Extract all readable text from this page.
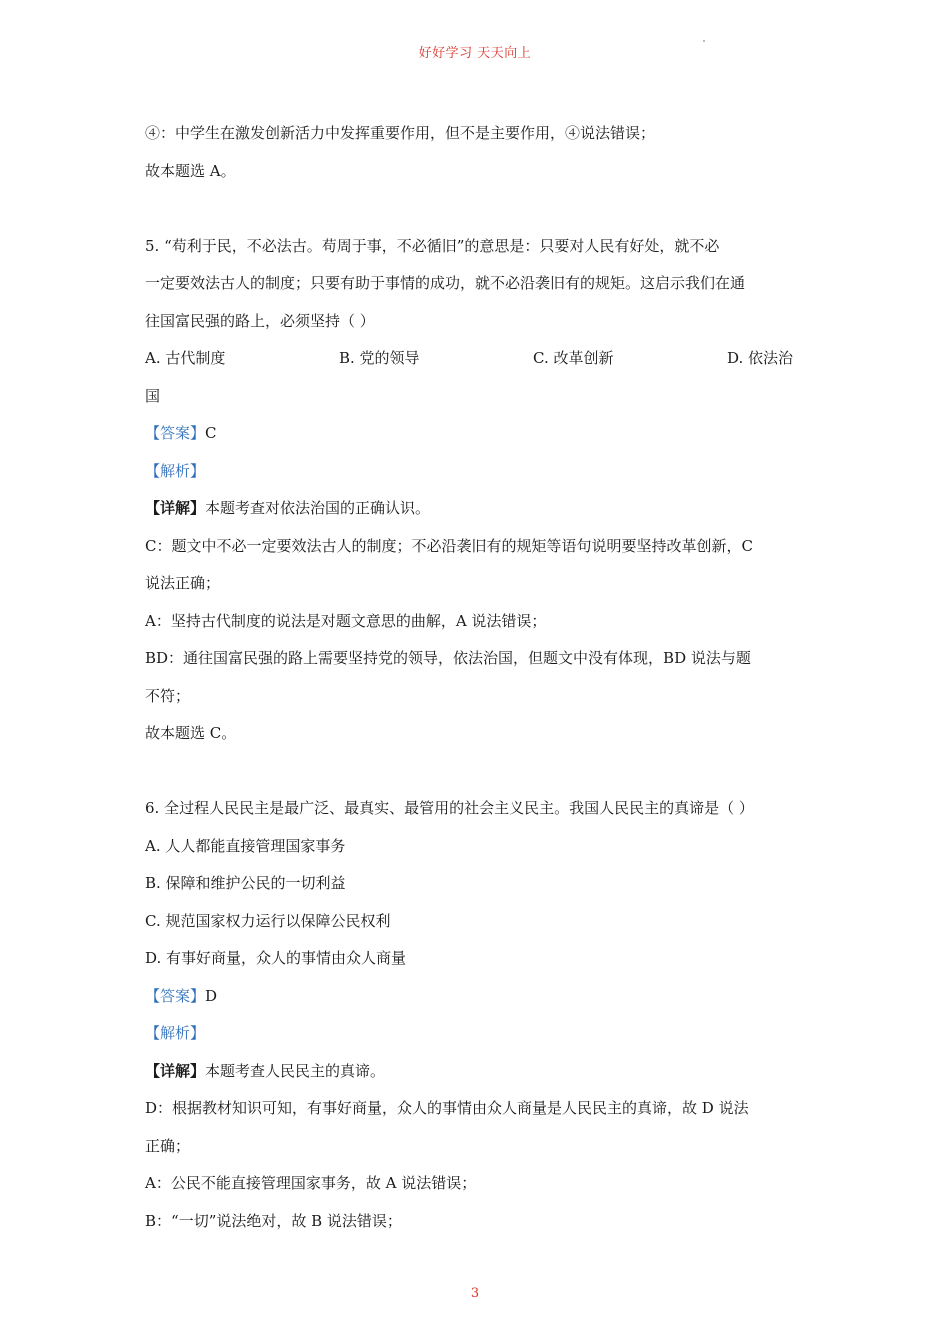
好好学习 天天向上
④：中学生在激发创新活力中发挥重要作用，但不是主要作用，④说法错误；
故本题选 A。
5. “苟利于民，不必法古。苟周于事，不必循旧”的意思是：只要对人民有好处，就不必
一定要效法古人的制度；只要有助于事情的成功，就不必沿袭旧有的规矩。这启示我们在通
往国富民强的路上，必须坚持（ ）
A. 古代制度	B. 党的领导	C. 改革创新	D. 依法治
国
【答案】C
【解析】
【详解】本题考查对依法治国的正确认识。
C：题文中不必一定要效法古人的制度；不必沿袭旧有的规矩等语句说明要坚持改革创新，C
说法正确；
A：坚持古代制度的说法是对题文意思的曲解，A 说法错误；
BD：通往国富民强的路上需要坚持党的领导，依法治国，但题文中没有体现，BD 说法与题
不符；
故本题选 C。
6. 全过程人民民主是最广泛、最真实、最管用的社会主义民主。我国人民民主的真谛是（ ）
A. 人人都能直接管理国家事务
B. 保障和维护公民的一切利益
C. 规范国家权力运行以保障公民权利
D. 有事好商量，众人的事情由众人商量
【答案】D
【解析】
【详解】本题考查人民民主的真谛。
D：根据教材知识可知，有事好商量，众人的事情由众人商量是人民民主的真谛，故 D 说法
正确；
A：公民不能直接管理国家事务，故 A 说法错误；
B：“一切”说法绝对，故 B 说法错误；
3
